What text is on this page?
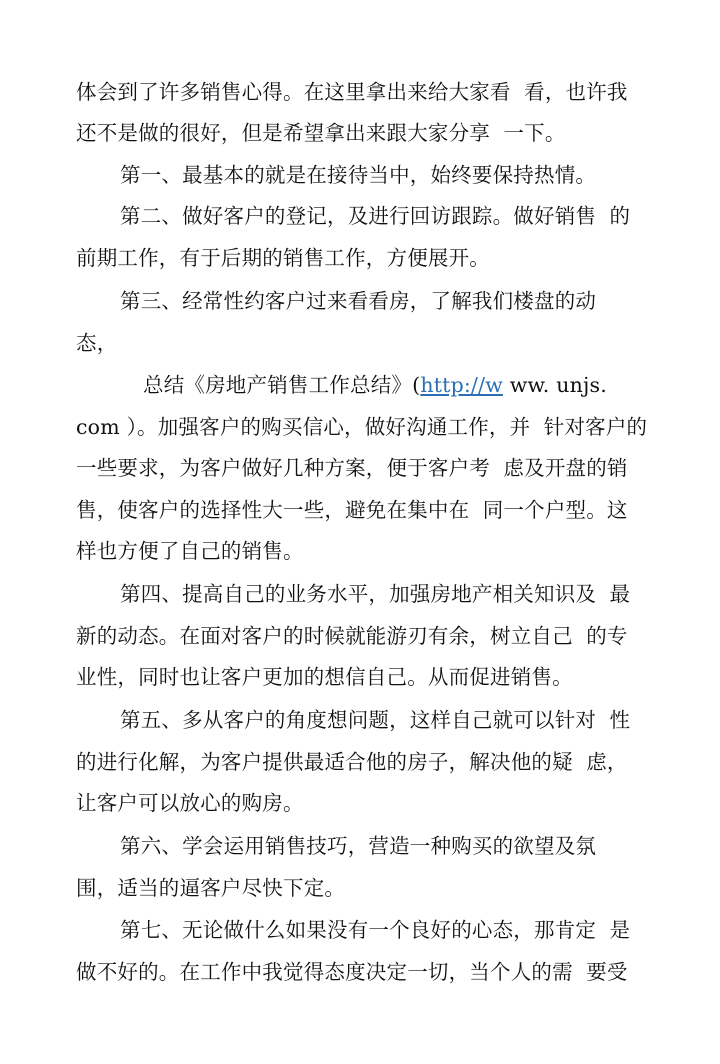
体会到了许多销售心得。在这里拿出来给大家看  看，也许我
还不是做的很好，但是希望拿出来跟大家分享  一下。
第一、最基本的就是在接待当中，始终要保持热情。
第二、做好客户的登记，及进行回访跟踪。做好销售  的
前期工作，有于后期的销售工作，方便展开。
第三、经常性约客户过来看看房，了解我们楼盘的动
态，
总结《房地产销售工作总结》(http://w ww. unjs.
com ）。加强客户的购买信心，做好沟通工作，并  针对客户的
一些要求，为客户做好几种方案，便于客户考  虑及开盘的销
售，使客户的选择性大一些，避免在集中在  同一个户型。这
样也方便了自己的销售。
第四、提高自己的业务水平，加强房地产相关知识及  最
新的动态。在面对客户的时候就能游刃有余，树立自己  的专
业性，同时也让客户更加的想信自己。从而促进销售。
第五、多从客户的角度想问题，这样自己就可以针对  性
的进行化解，为客户提供最适合他的房子，解决他的疑  虑，
让客户可以放心的购房。
第六、学会运用销售技巧，营造一种购买的欲望及氛
围，适当的逼客户尽快下定。
第七、无论做什么如果没有一个良好的心态，那肯定  是
做不好的。在工作中我觉得态度决定一切，当个人的需  要受
